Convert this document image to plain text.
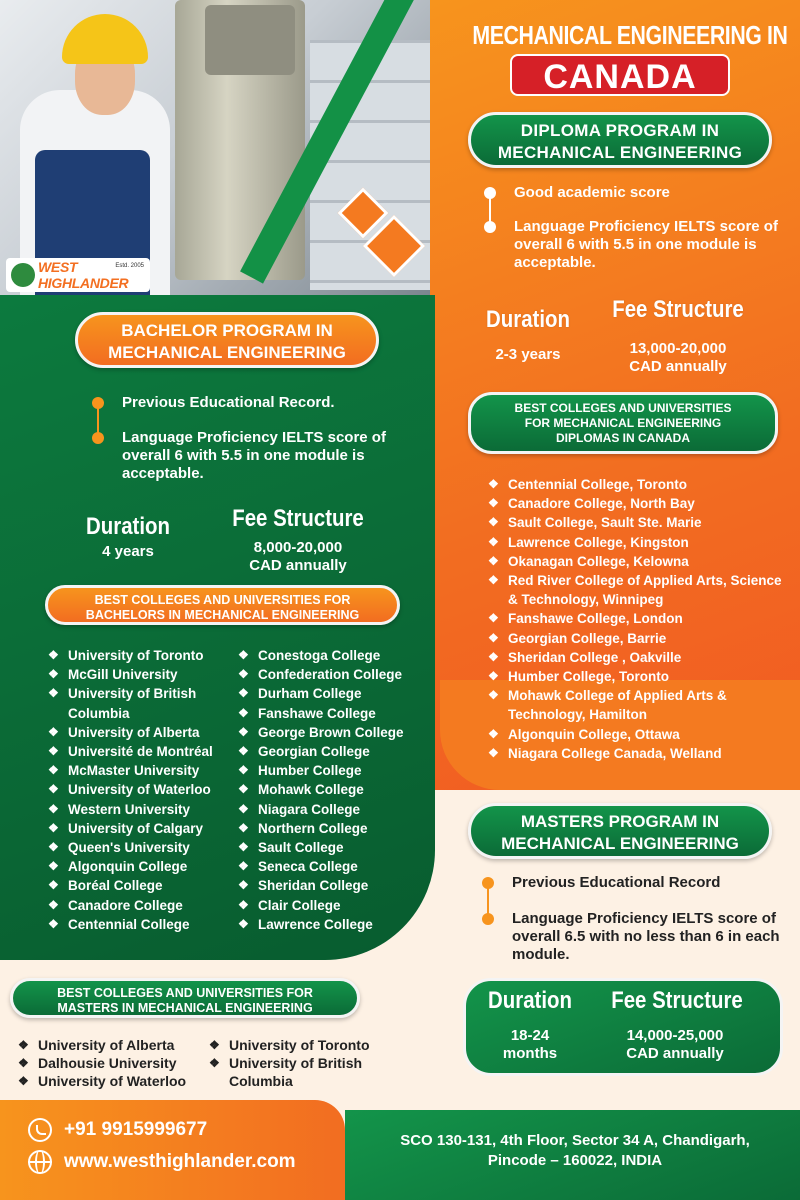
WEST HIGHLANDER
Estd. 2005
MECHANICAL ENGINEERING IN
CANADA
DIPLOMA PROGRAM IN
MECHANICAL ENGINEERING
Good academic score
Language Proficiency IELTS score of overall 6 with 5.5 in one module is acceptable.
Duration
2-3 years
Fee Structure
13,000-20,000
CAD annually
BEST COLLEGES AND UNIVERSITIES
FOR MECHANICAL ENGINEERING
DIPLOMAS IN CANADA
❖ Centennial College, Toronto
❖ Canadore College, North Bay
❖ Sault College, Sault Ste. Marie
❖ Lawrence College, Kingston
❖ Okanagan College, Kelowna
❖ Red River College of Applied Arts, Science & Technology, Winnipeg
❖ Fanshawe College, London
❖ Georgian College, Barrie
❖ Sheridan College , Oakville
❖ Humber College, Toronto
❖ Mohawk College of Applied Arts & Technology, Hamilton
❖ Algonquin College, Ottawa
❖ Niagara College Canada, Welland
BACHELOR PROGRAM IN
MECHANICAL ENGINEERING
Previous Educational Record.
Language Proficiency IELTS score of overall 6 with 5.5 in one module is acceptable.
Duration
4 years
Fee Structure
8,000-20,000
CAD annually
BEST COLLEGES AND UNIVERSITIES FOR
BACHELORS IN MECHANICAL ENGINEERING
❖ University of Toronto
❖ McGill University
❖ University of British Columbia
❖ University of Alberta
❖ Université de Montréal
❖ McMaster University
❖ University of Waterloo
❖ Western University
❖ University of Calgary
❖ Queen's University
❖ Algonquin College
❖ Boréal College
❖ Canadore College
❖ Centennial College
❖ Conestoga College
❖ Confederation College
❖ Durham College
❖ Fanshawe College
❖ George Brown College
❖ Georgian College
❖ Humber College
❖ Mohawk College
❖ Niagara College
❖ Northern College
❖ Sault College
❖ Seneca College
❖ Sheridan College
❖ Clair College
❖ Lawrence College
MASTERS PROGRAM IN
MECHANICAL ENGINEERING
Previous Educational Record
Language Proficiency IELTS score of overall 6.5 with no less than 6 in each module.
Duration
18-24
months
Fee Structure
14,000-25,000
CAD annually
BEST COLLEGES AND UNIVERSITIES FOR
MASTERS IN MECHANICAL ENGINEERING
❖ University of Alberta
❖ Dalhousie University
❖ University of Waterloo
❖ University of Toronto
❖ University of British Columbia
+91 9915999677
www.westhighlander.com
SCO 130-131, 4th Floor, Sector 34 A, Chandigarh,
Pincode – 160022, INDIA
